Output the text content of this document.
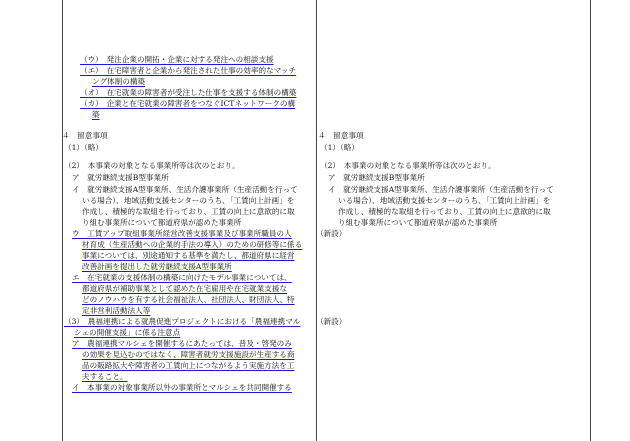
（ウ）　発注企業の開拓・企業に対する発注への相談支援
（エ）　在宅障害者と企業から発注された仕事の効率的なマッチ
ング体制の構築
（オ）　在宅就業の障害者が受注した仕事を支援する体制の構築
（カ）　企業と在宅就業の障害者をつなぐICTネットワークの構
築
４　留意事項
（1）（略）
（2）　本事業の対象となる事業所等は次のとおり。
ア　就労継続支援B型事業所
イ　就労継続支援A型事業所、生活介護事業所（生産活動を行って
いる場合）、地域活動支援センターのうち、「工賃向上計画」を
作成し、積極的な取組を行っており、工賃の向上に意欲的に取
り組む事業所について都道府県が認めた事業所
ウ　工賃アップ取組事業所経営改善支援事業及び事業所職員の人
材育成（生産活動への企業的手法の導入）のための研修等に係る
事業については、別途通知する基準を満たし、都道府県に経営
改善計画を提出した就労継続支援A型事業所
エ　在宅就業の支援体制の構築に向けたモデル事業については、
都道府県が補助事業として認めた在宅雇用や在宅就業支援な
どのノウハウを有する社会福祉法人、社団法人、財団法人、特
定非営利活動法人等
（3）　農福連携による就農促進プロジェクトにおける「農福連携マル
シェの開催支援」に係る注意点
ア　農福連携マルシェを開催するにあたっては、普及・啓発のみ
の効果を見込むのではなく、障害者就労支援施設が生産する商
品の販路拡大や障害者の工賃向上につながるよう実施方法を工
夫すること。
イ　本事業の対象事業所以外の事業所とマルシェを共同開催する
４　留意事項
（1）（略）
（2）　本事業の対象となる事業所等は次のとおり。
ア　就労継続支援B型事業所
イ　就労継続支援A型事業所、生活介護事業所（生産活動を行って
いる場合）、地域活動支援センターのうち、「工賃向上計画」を
作成し、積極的な取組を行っており、工賃の向上に意欲的に取
り組む事業所について都道府県が認めた事業所
（新設）
（新設）
